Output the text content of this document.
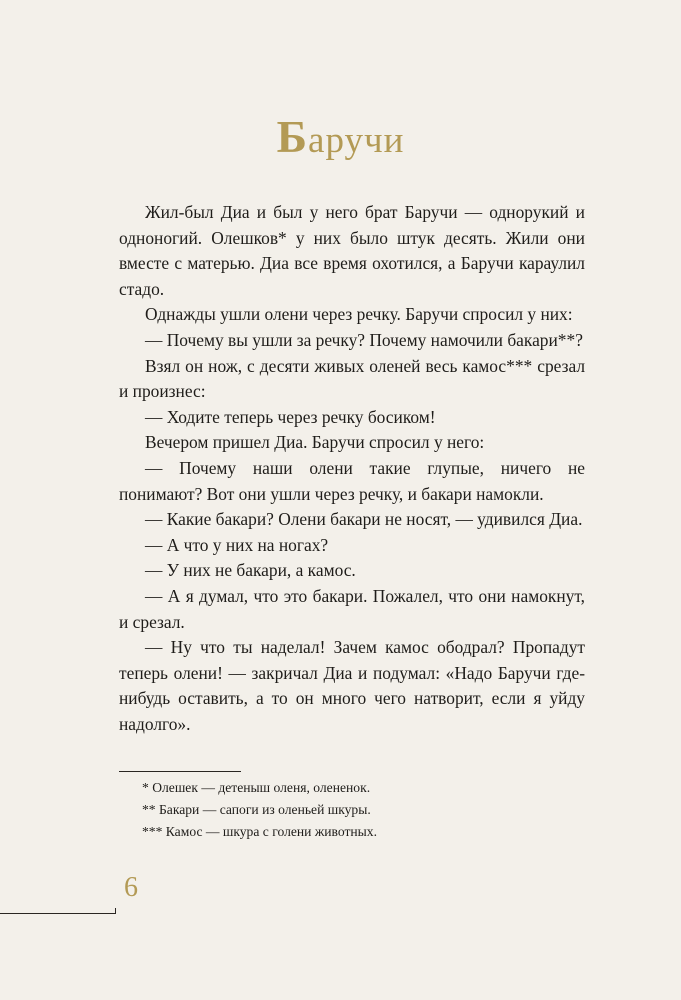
Баручи

Жил-был Диа и был у него брат Баручи — однорукий и одноногий. Олешков* у них было штук десять. Жили они вместе с матерью. Диа все время охотился, а Баручи караулил стадо.

Однажды ушли олени через речку. Баручи спросил у них:

— Почему вы ушли за речку? Почему намочили бакари**?

Взял он нож, с десяти живых оленей весь камос*** срезал и произнес:

— Ходите теперь через речку босиком!

Вечером пришел Диа. Баручи спросил у него:

— Почему наши олени такие глупые, ничего не понимают? Вот они ушли через речку, и бакари намокли.

— Какие бакари? Олени бакари не носят, — удивился Диа.

— А что у них на ногах?

— У них не бакари, а камос.

— А я думал, что это бакари. Пожалел, что они намокнут, и срезал.

— Ну что ты наделал! Зачем камос ободрал? Пропадут теперь олени! — закричал Диа и подумал: «Надо Баручи где-нибудь оставить, а то он много чего натворит, если я уйду надолго».

* Олешек — детеныш оленя, олененок.
** Бакари — сапоги из оленьей шкуры.
*** Камос — шкура с голени животных.
6
